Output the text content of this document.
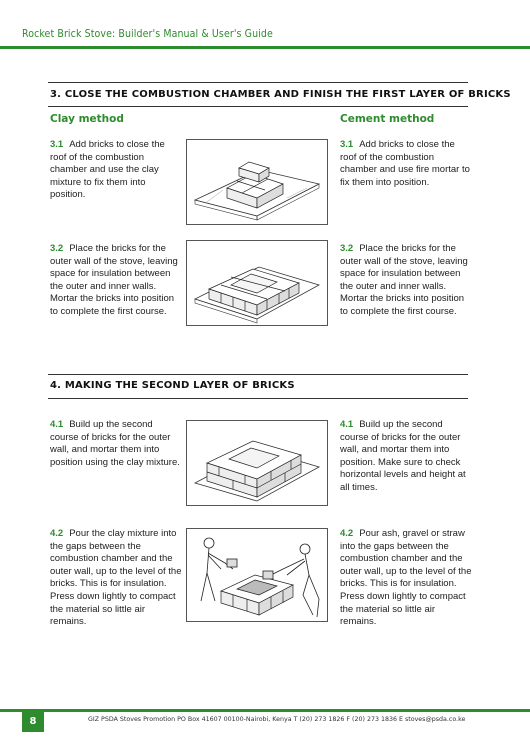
Rocket Brick Stove: Builder's Manual & User's Guide
3. CLOSE THE COMBUSTION CHAMBER AND FINISH THE FIRST LAYER OF BRICKS
Clay method	Cement method
3.1 Add bricks to close the roof of the combustion chamber and use the clay mixture to fix them into position.
3.1 Add bricks to close the roof of the combustion chamber and use fire mortar to fix them into position.
3.2 Place the bricks for the outer wall of the stove, leaving space for insulation between the outer and inner walls. Mortar the bricks into position to complete the first course.
3.2 Place the bricks for the outer wall of the stove, leaving space for insulation between the outer and inner walls. Mortar the bricks into position to complete the first course.
4. MAKING THE SECOND LAYER OF BRICKS
4.1 Build up the second course of bricks for the outer wall, and mortar them into position using the clay mixture.
4.1 Build up the second course of bricks for the outer wall, and mortar them into position. Make sure to check horizontal levels and height at all times.
4.2 Pour the clay mixture into the gaps between the combustion chamber and the outer wall, up to the level of the bricks. This is for insulation. Press down lightly to compact the material so little air remains.
4.2 Pour ash, gravel or straw into the gaps between the combustion chamber and the outer wall, up to the level of the bricks. This is for insulation. Press down lightly to compact the material so little air remains.
8	GIZ PSDA Stoves Promotion PO Box 41607 00100-Nairobi, Kenya T (20) 273 1826 F (20) 273 1836 E stoves@psda.co.ke
